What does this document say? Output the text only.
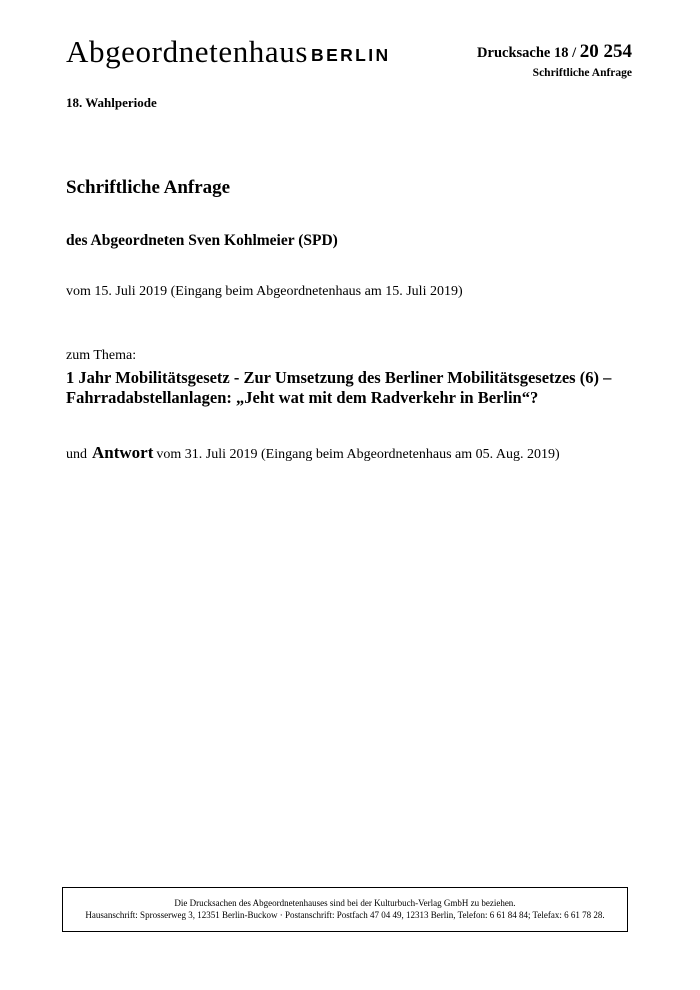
Abgeordnetenhaus BERLIN	Drucksache 18 / 20 254
Schriftliche Anfrage
18. Wahlperiode
Schriftliche Anfrage
des Abgeordneten Sven Kohlmeier (SPD)
vom 15. Juli 2019 (Eingang beim Abgeordnetenhaus am 15. Juli 2019)
zum Thema:
1 Jahr Mobilitätsgesetz - Zur Umsetzung des Berliner Mobilitätsgesetzes (6) –
Fahrradabstellanlagen: „Jeht wat mit dem Radverkehr in Berlin“?
und Antwort vom 31. Juli 2019 (Eingang beim Abgeordnetenhaus am 05. Aug. 2019)
Die Drucksachen des Abgeordnetenhauses sind bei der Kulturbuch-Verlag GmbH zu beziehen.
Hausanschrift: Sprosserweg 3, 12351 Berlin-Buckow · Postanschrift: Postfach 47 04 49, 12313 Berlin, Telefon: 6 61 84 84; Telefax: 6 61 78 28.
